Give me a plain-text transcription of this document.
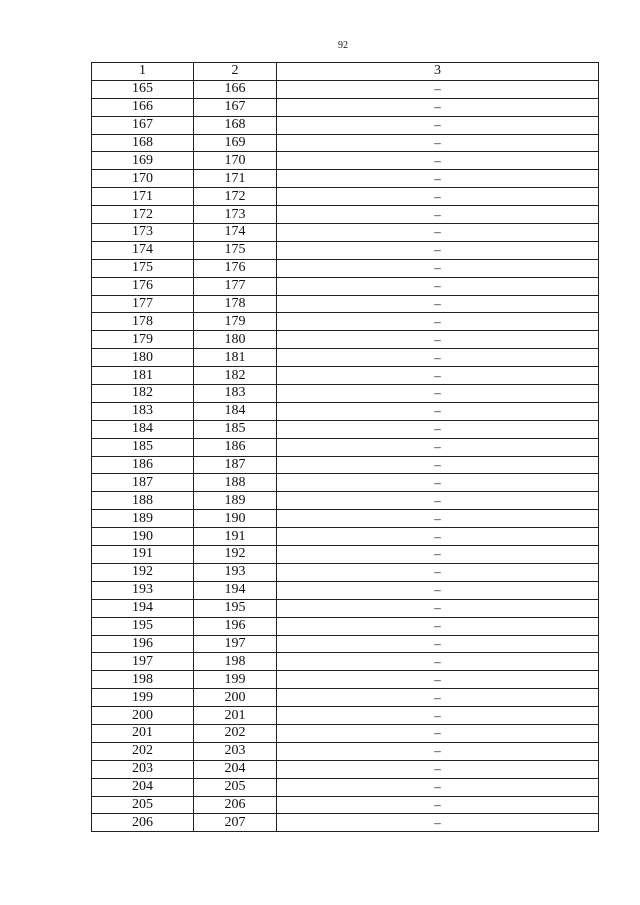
92
1	2	3
165	166	–
166	167	–
167	168	–
168	169	–
169	170	–
170	171	–
171	172	–
172	173	–
173	174	–
174	175	–
175	176	–
176	177	–
177	178	–
178	179	–
179	180	–
180	181	–
181	182	–
182	183	–
183	184	–
184	185	–
185	186	–
186	187	–
187	188	–
188	189	–
189	190	–
190	191	–
191	192	–
192	193	–
193	194	–
194	195	–
195	196	–
196	197	–
197	198	–
198	199	–
199	200	–
200	201	–
201	202	–
202	203	–
203	204	–
204	205	–
205	206	–
206	207	–
